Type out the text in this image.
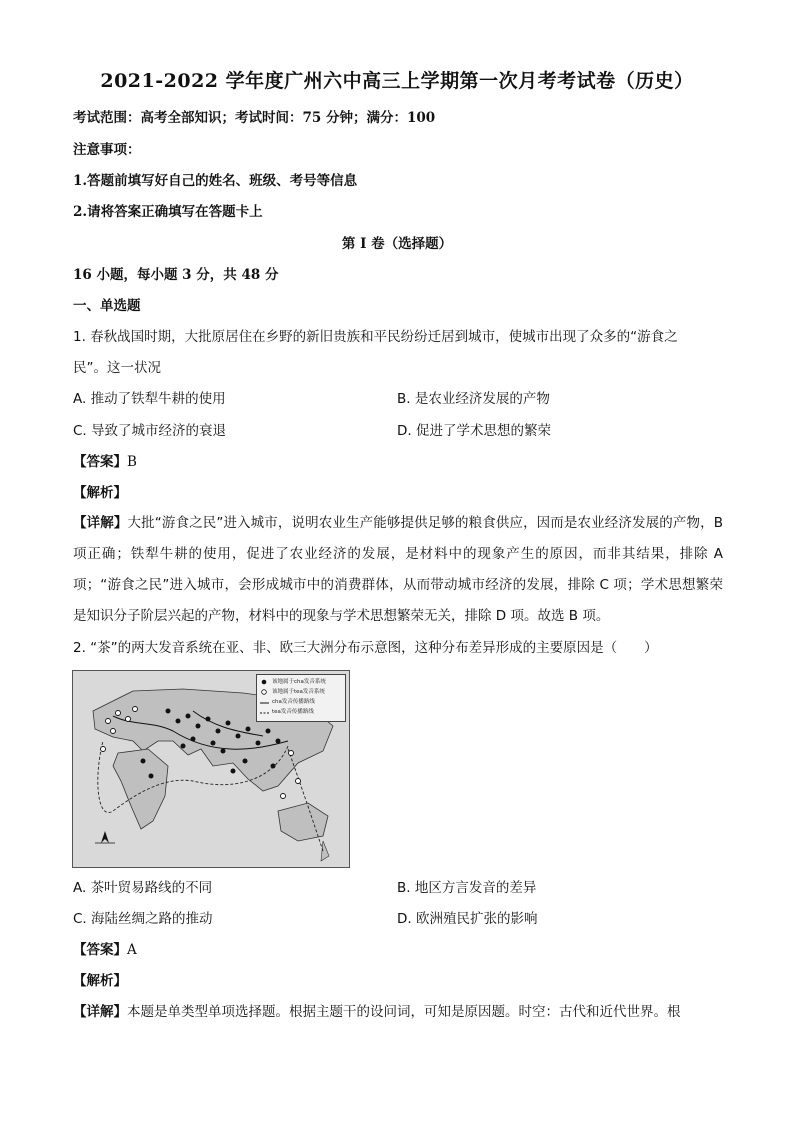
2021-2022 学年度广州六中高三上学期第一次月考考试卷（历史）
考试范围：高考全部知识；考试时间：75 分钟；满分：100
注意事项：
1.答题前填写好自己的姓名、班级、考号等信息
2.请将答案正确填写在答题卡上
第 I 卷（选择题）
16 小题，每小题 3 分，共 48 分
一、单选题
1. 春秋战国时期，大批原居住在乡野的新旧贵族和平民纷纷迁居到城市，使城市出现了众多的“游食之
民”。这一状况
A. 推动了铁犁牛耕的使用	B. 是农业经济发展的产物
C. 导致了城市经济的衰退	D. 促进了学术思想的繁荣
【答案】B
【解析】
【详解】大批“游食之民”进入城市，说明农业生产能够提供足够的粮食供应，因而是农业经济发展的产物，B 项正确；铁犁牛耕的使用，促进了农业经济的发展，是材料中的现象产生的原因，而非其结果，排除 A 项；“游食之民”进入城市，会形成城市中的消费群体，从而带动城市经济的发展，排除 C 项；学术思想繁荣是知识分子阶层兴起的产物，材料中的现象与学术思想繁荣无关，排除 D 项。故选 B 项。
2. “茶”的两大发音系统在亚、非、欧三大洲分布示意图，这种分布差异形成的主要原因是（　　）
该地属于cha发音系统
该地属于tea发音系统
cha发音传播路线
tea发音传播路线
A. 茶叶贸易路线的不同	B. 地区方言发音的差异
C. 海陆丝绸之路的推动	D. 欧洲殖民扩张的影响
【答案】A
【解析】
【详解】本题是单类型单项选择题。根据主题干的设问词，可知是原因题。时空：古代和近代世界。根
